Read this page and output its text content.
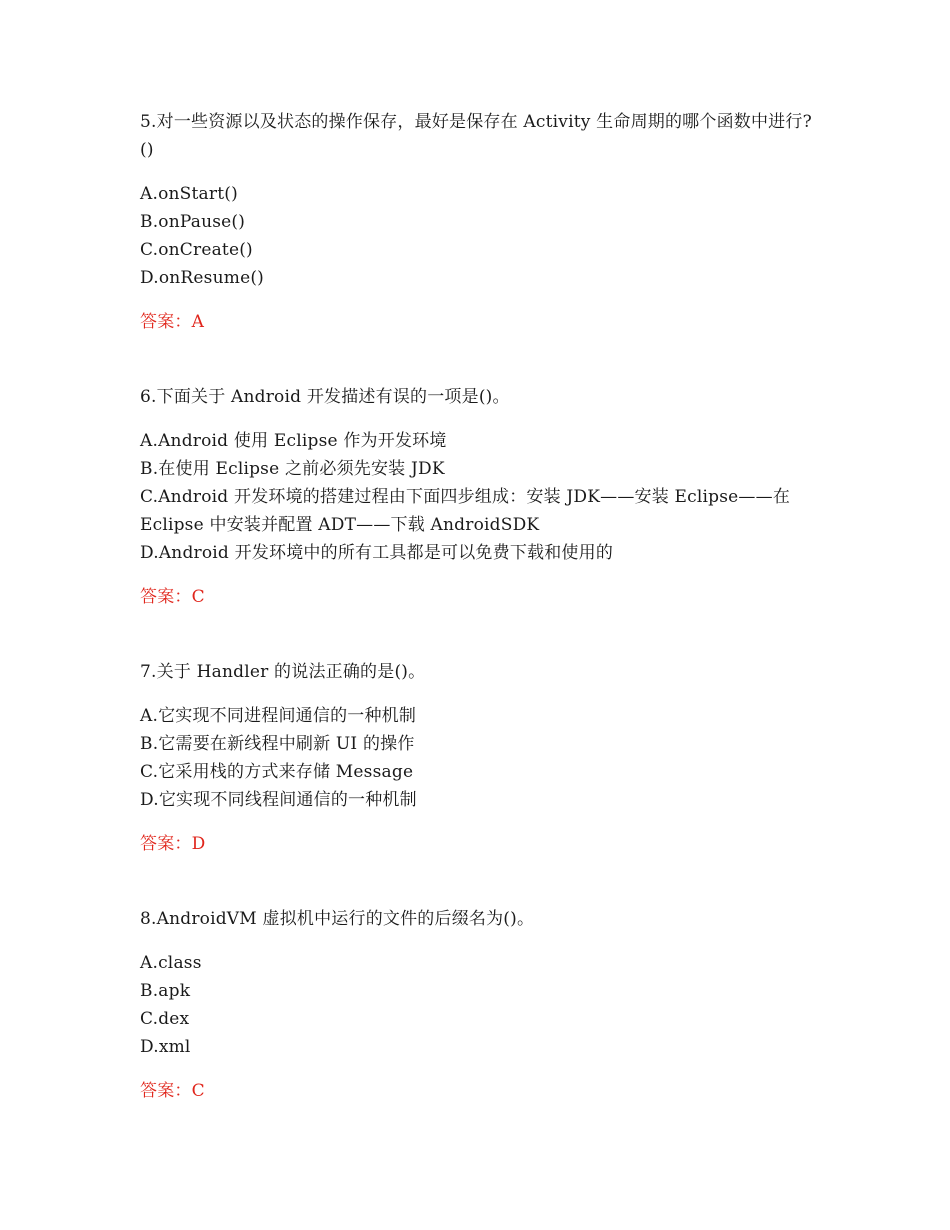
5.对一些资源以及状态的操作保存，最好是保存在 Activity 生命周期的哪个函数中进行?()

A.onStart()
B.onPause()
C.onCreate()
D.onResume()
答案：A

6.下面关于 Android 开发描述有误的一项是()。

A.Android 使用 Eclipse 作为开发环境
B.在使用 Eclipse 之前必须先安装 JDK
C.Android 开发环境的搭建过程由下面四步组成：安装 JDK——安装 Eclipse——在 Eclipse 中安装并配置 ADT——下载 AndroidSDK
D.Android 开发环境中的所有工具都是可以免费下载和使用的
答案：C

7.关于 Handler 的说法正确的是()。

A.它实现不同进程间通信的一种机制
B.它需要在新线程中刷新 UI 的操作
C.它采用栈的方式来存储 Message
D.它实现不同线程间通信的一种机制
答案：D

8.AndroidVM 虚拟机中运行的文件的后缀名为()。

A.class
B.apk
C.dex
D.xml
答案：C
